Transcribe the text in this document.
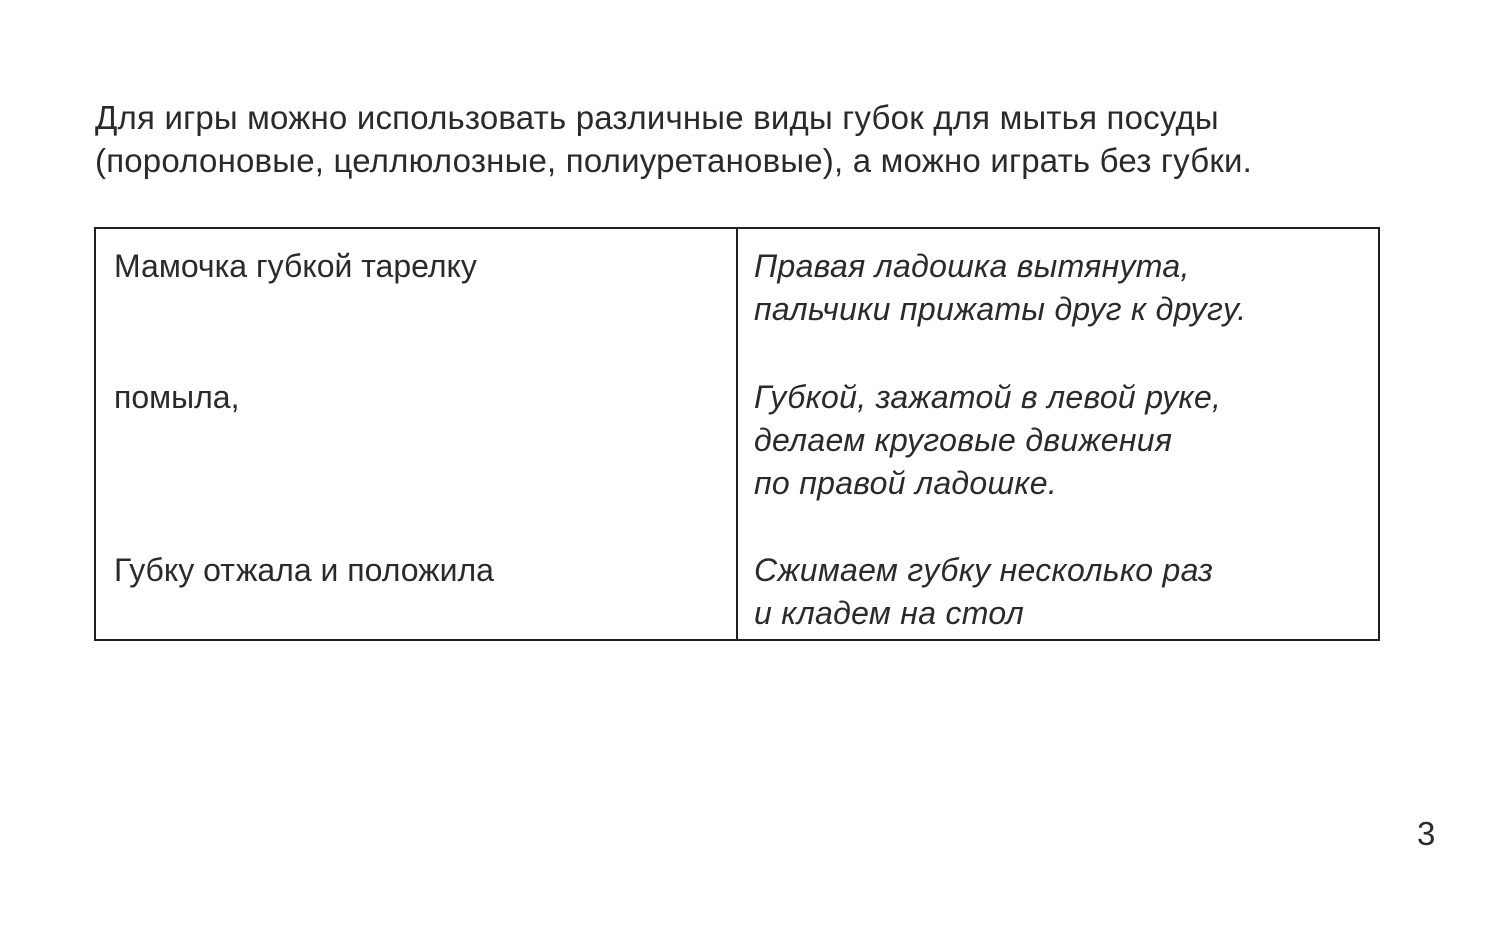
Для игры можно использовать различные виды губок для мытья посуды

(поролоновые, целлюлозные, полиуретановые), а можно играть без губки.

Мамочка губкой тарелку	Правая ладошка вытянута,

пальчики прижаты друг к другу.

помыла,	Губкой, зажатой в левой руке,

делаем круговые движения

по правой ладошке.

Губку отжала и положила	Сжимаем губку несколько раз

и кладем на стол

3
